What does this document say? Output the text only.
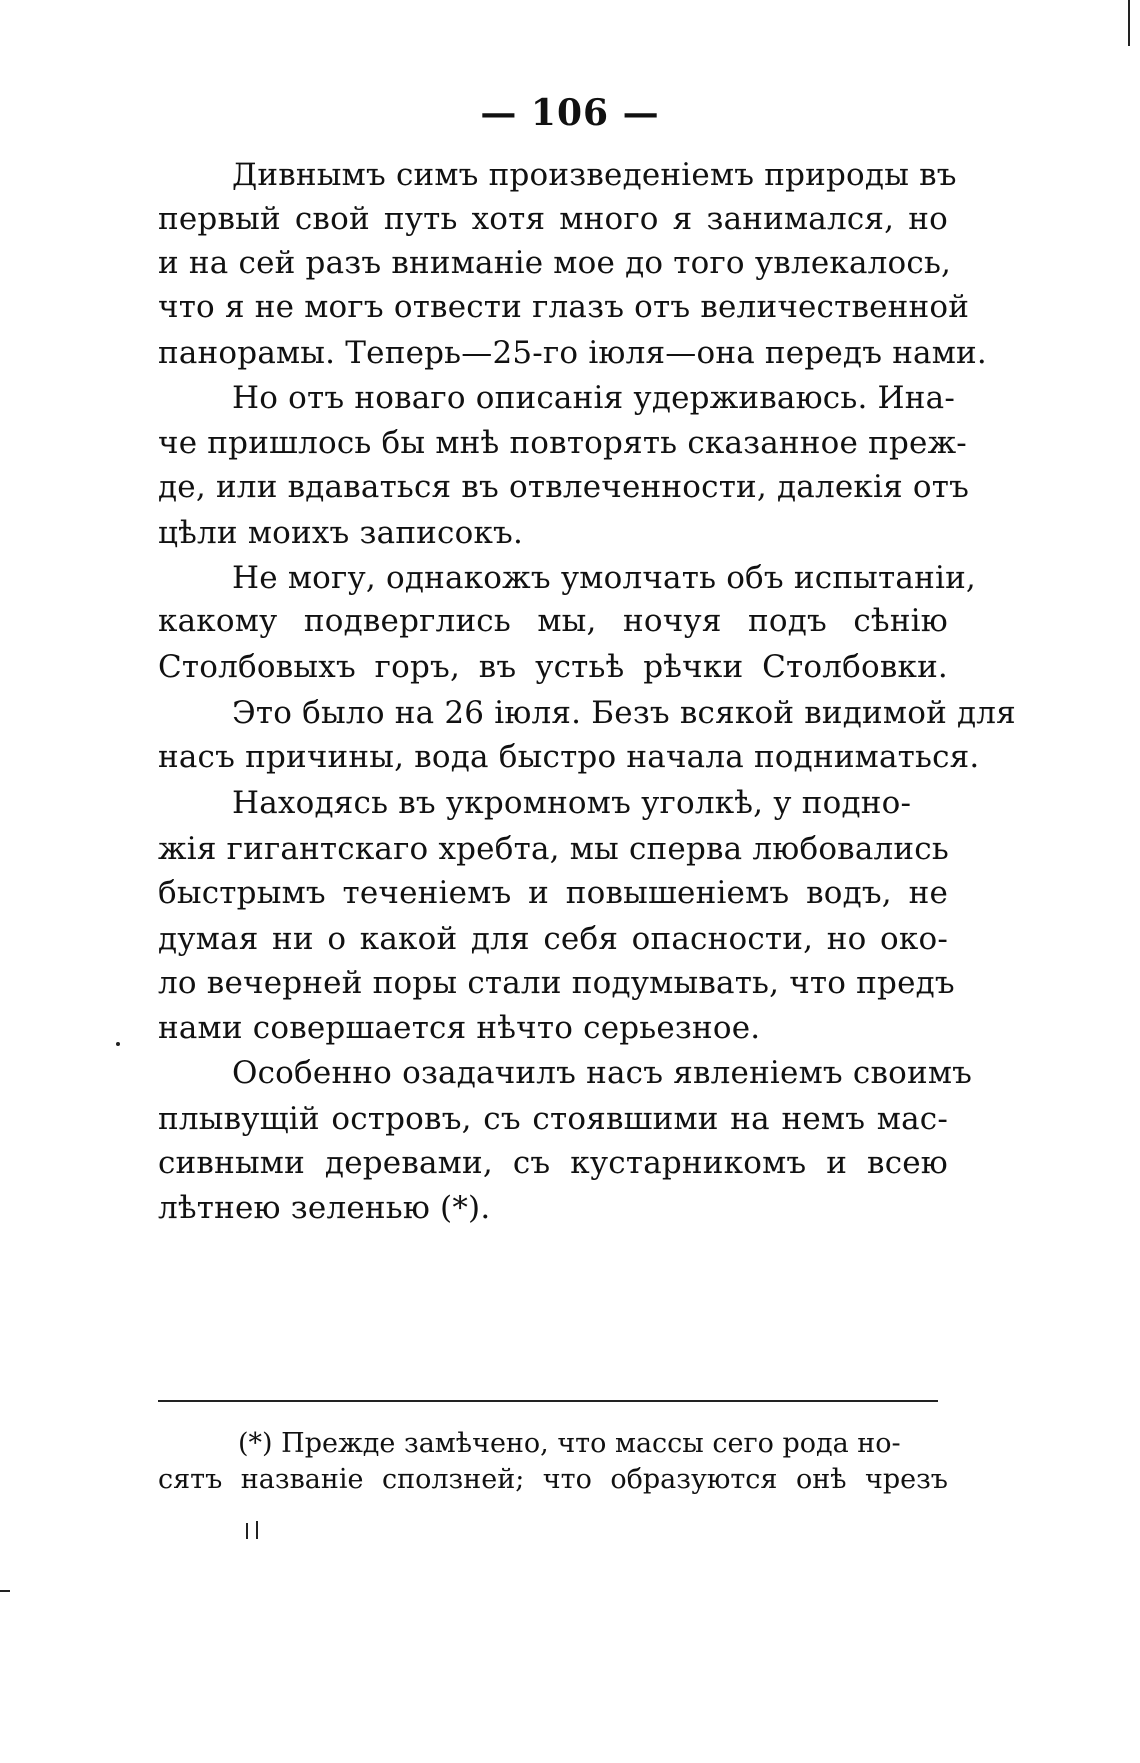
— 106 —
Дивнымъ симъ произведеніемъ природы въ
первый свой путь хотя много я занимался, но
и на сей разъ вниманіе мое до того увлекалось,
что я не могъ отвести глазъ отъ величественной
панорамы. Теперь—25-го іюля—она передъ нами.
Но отъ новаго описанія удерживаюсь. Ина-
че пришлось бы мнѣ повторять сказанное преж-
де, или вдаваться въ отвлеченности, далекія отъ
цѣли моихъ записокъ.
Не могу, однакожъ умолчать объ испытаніи,
какому подверглись мы, ночуя подъ сѣнію
Столбовыхъ горъ, въ устьѣ рѣчки Столбовки.
Это было на 26 іюля. Безъ всякой видимой для
насъ причины, вода быстро начала подниматься.
Находясь въ укромномъ уголкѣ, у подно-
жія гигантскаго хребта, мы сперва любовались
быстрымъ теченіемъ и повышеніемъ водъ, не
думая ни о какой для себя опасности, но око-
ло вечерней поры стали подумывать, что предъ
нами совершается нѣчто серьезное.
Особенно озадачилъ насъ явленіемъ своимъ
плывущій островъ, съ стоявшими на немъ мас-
сивными деревами, съ кустарникомъ и всею
лѣтнею зеленью (*).
(*) Прежде замѣчено, что массы сего рода но-
сятъ названіе сползней; что образуются онѣ чрезъ
